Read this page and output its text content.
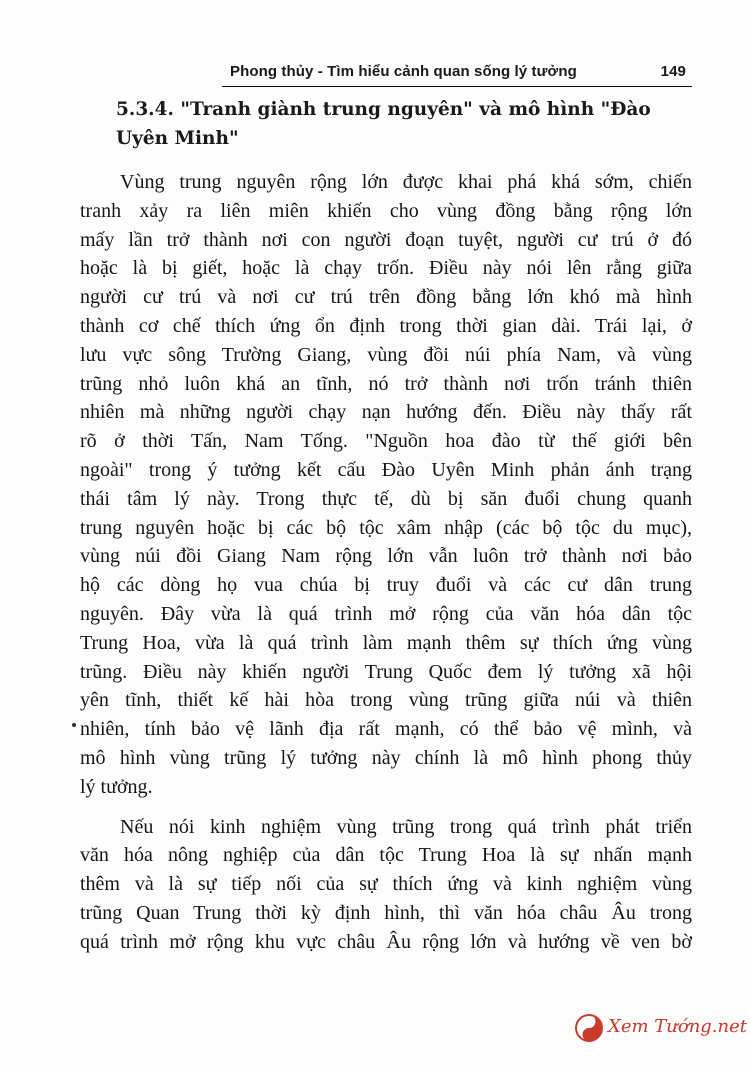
Phong thủy - Tìm hiểu cảnh quan sống lý tưởng	149
5.3.4. "Tranh giành trung nguyên" và mô hình "Đào
Uyên Minh"
Vùng trung nguyên rộng lớn được khai phá khá sớm, chiến
tranh xảy ra liên miên khiến cho vùng đồng bằng rộng lớn
mấy lần trở thành nơi con người đoạn tuyệt, người cư trú ở đó
hoặc là bị giết, hoặc là chạy trốn. Điều này nói lên rằng giữa
người cư trú và nơi cư trú trên đồng bằng lớn khó mà hình
thành cơ chế thích ứng ổn định trong thời gian dài. Trái lại, ở
lưu vực sông Trường Giang, vùng đồi núi phía Nam, và vùng
trũng nhỏ luôn khá an tĩnh, nó trở thành nơi trốn tránh thiên
nhiên mà những người chạy nạn hướng đến. Điều này thấy rất
rõ ở thời Tấn, Nam Tống. "Nguồn hoa đào từ thế giới bên
ngoài" trong ý tưởng kết cấu Đào Uyên Minh phản ánh trạng
thái tâm lý này. Trong thực tế, dù bị săn đuổi chung quanh
trung nguyên hoặc bị các bộ tộc xâm nhập (các bộ tộc du mục),
vùng núi đồi Giang Nam rộng lớn vẫn luôn trở thành nơi bảo
hộ các dòng họ vua chúa bị truy đuổi và các cư dân trung
nguyên. Đây vừa là quá trình mở rộng của văn hóa dân tộc
Trung Hoa, vừa là quá trình làm mạnh thêm sự thích ứng vùng
trũng. Điều này khiến người Trung Quốc đem lý tưởng xã hội
yên tĩnh, thiết kế hài hòa trong vùng trũng giữa núi và thiên
nhiên, tính bảo vệ lãnh địa rất mạnh, có thể bảo vệ mình, và
mô hình vùng trũng lý tưởng này chính là mô hình phong thủy
lý tưởng.
Nếu nói kinh nghiệm vùng trũng trong quá trình phát triển
văn hóa nông nghiệp của dân tộc Trung Hoa là sự nhấn mạnh
thêm và là sự tiếp nối của sự thích ứng và kinh nghiệm vùng
trũng Quan Trung thời kỳ định hình, thì văn hóa châu Âu trong
quá trình mở rộng khu vực châu Âu rộng lớn và hướng về ven bờ
Xem Tướng.net
